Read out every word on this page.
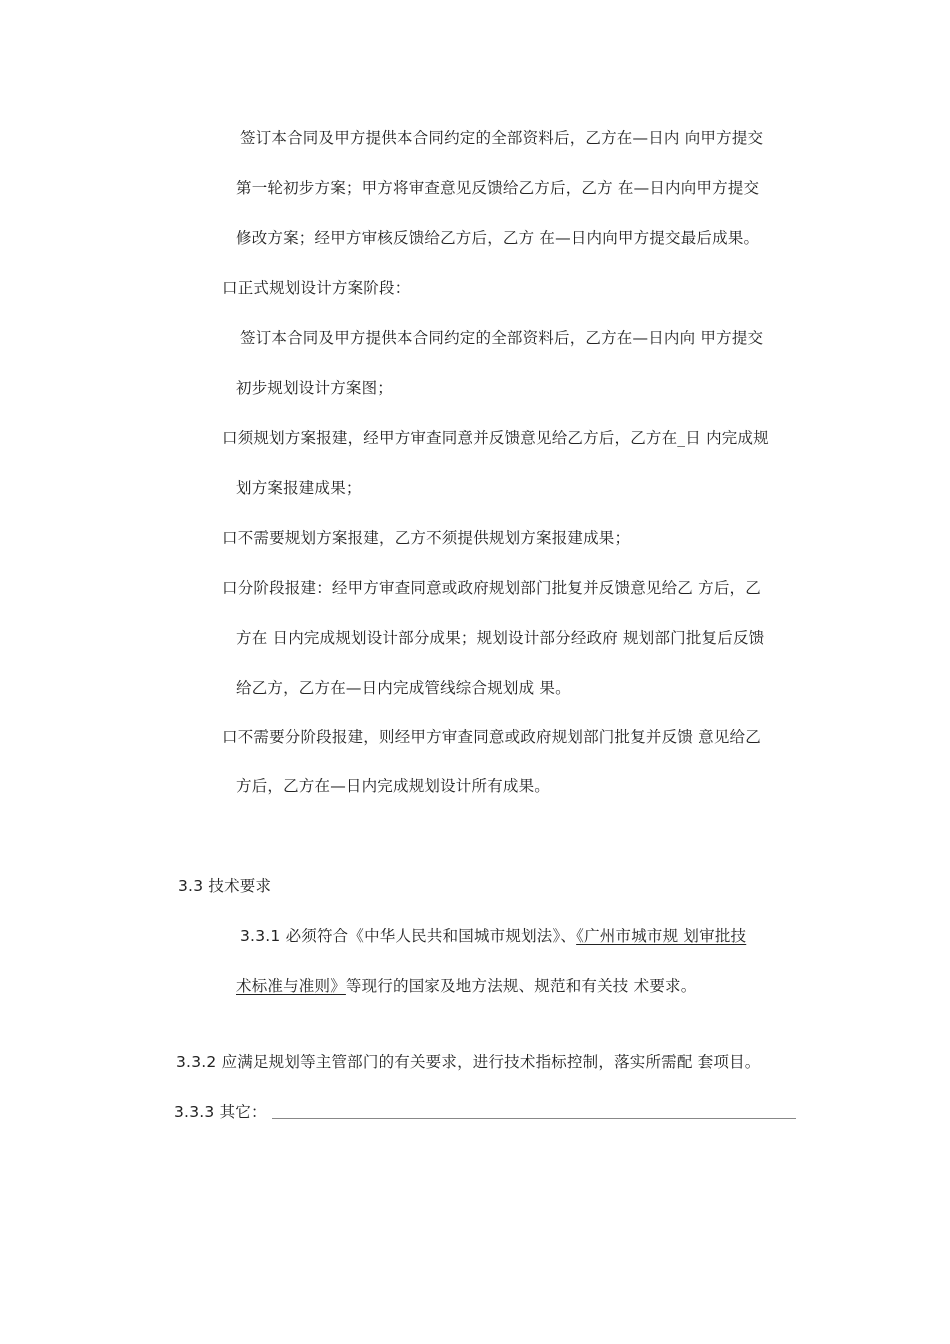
签订本合同及甲方提供本合同约定的全部资料后，乙方在—日内 向甲方提交
第一轮初步方案；甲方将审查意见反馈给乙方后，乙方 在—日内向甲方提交
修改方案；经甲方审核反馈给乙方后，乙方 在—日内向甲方提交最后成果。
口正式规划设计方案阶段：
签订本合同及甲方提供本合同约定的全部资料后，乙方在—日内向 甲方提交
初步规划设计方案图；
口须规划方案报建，经甲方审查同意并反馈意见给乙方后，乙方在_日 内完成规
划方案报建成果；
口不需要规划方案报建，乙方不须提供规划方案报建成果；
口分阶段报建：经甲方审查同意或政府规划部门批复并反馈意见给乙 方后，乙
方在 日内完成规划设计部分成果；规划设计部分经政府 规划部门批复后反馈
给乙方，乙方在—日内完成管线综合规划成 果。
口不需要分阶段报建，则经甲方审查同意或政府规划部门批复并反馈 意见给乙
方后，乙方在—日内完成规划设计所有成果。
3.3 技术要求
3.3.1 必须符合《中华人民共和国城市规划法》、《广州市城市规 划审批技
术标准与准则》等现行的国家及地方法规、规范和有关技 术要求。
3.3.2 应满足规划等主管部门的有关要求，进行技术指标控制，落实所需配 套项目。
3.3.3 其它：
